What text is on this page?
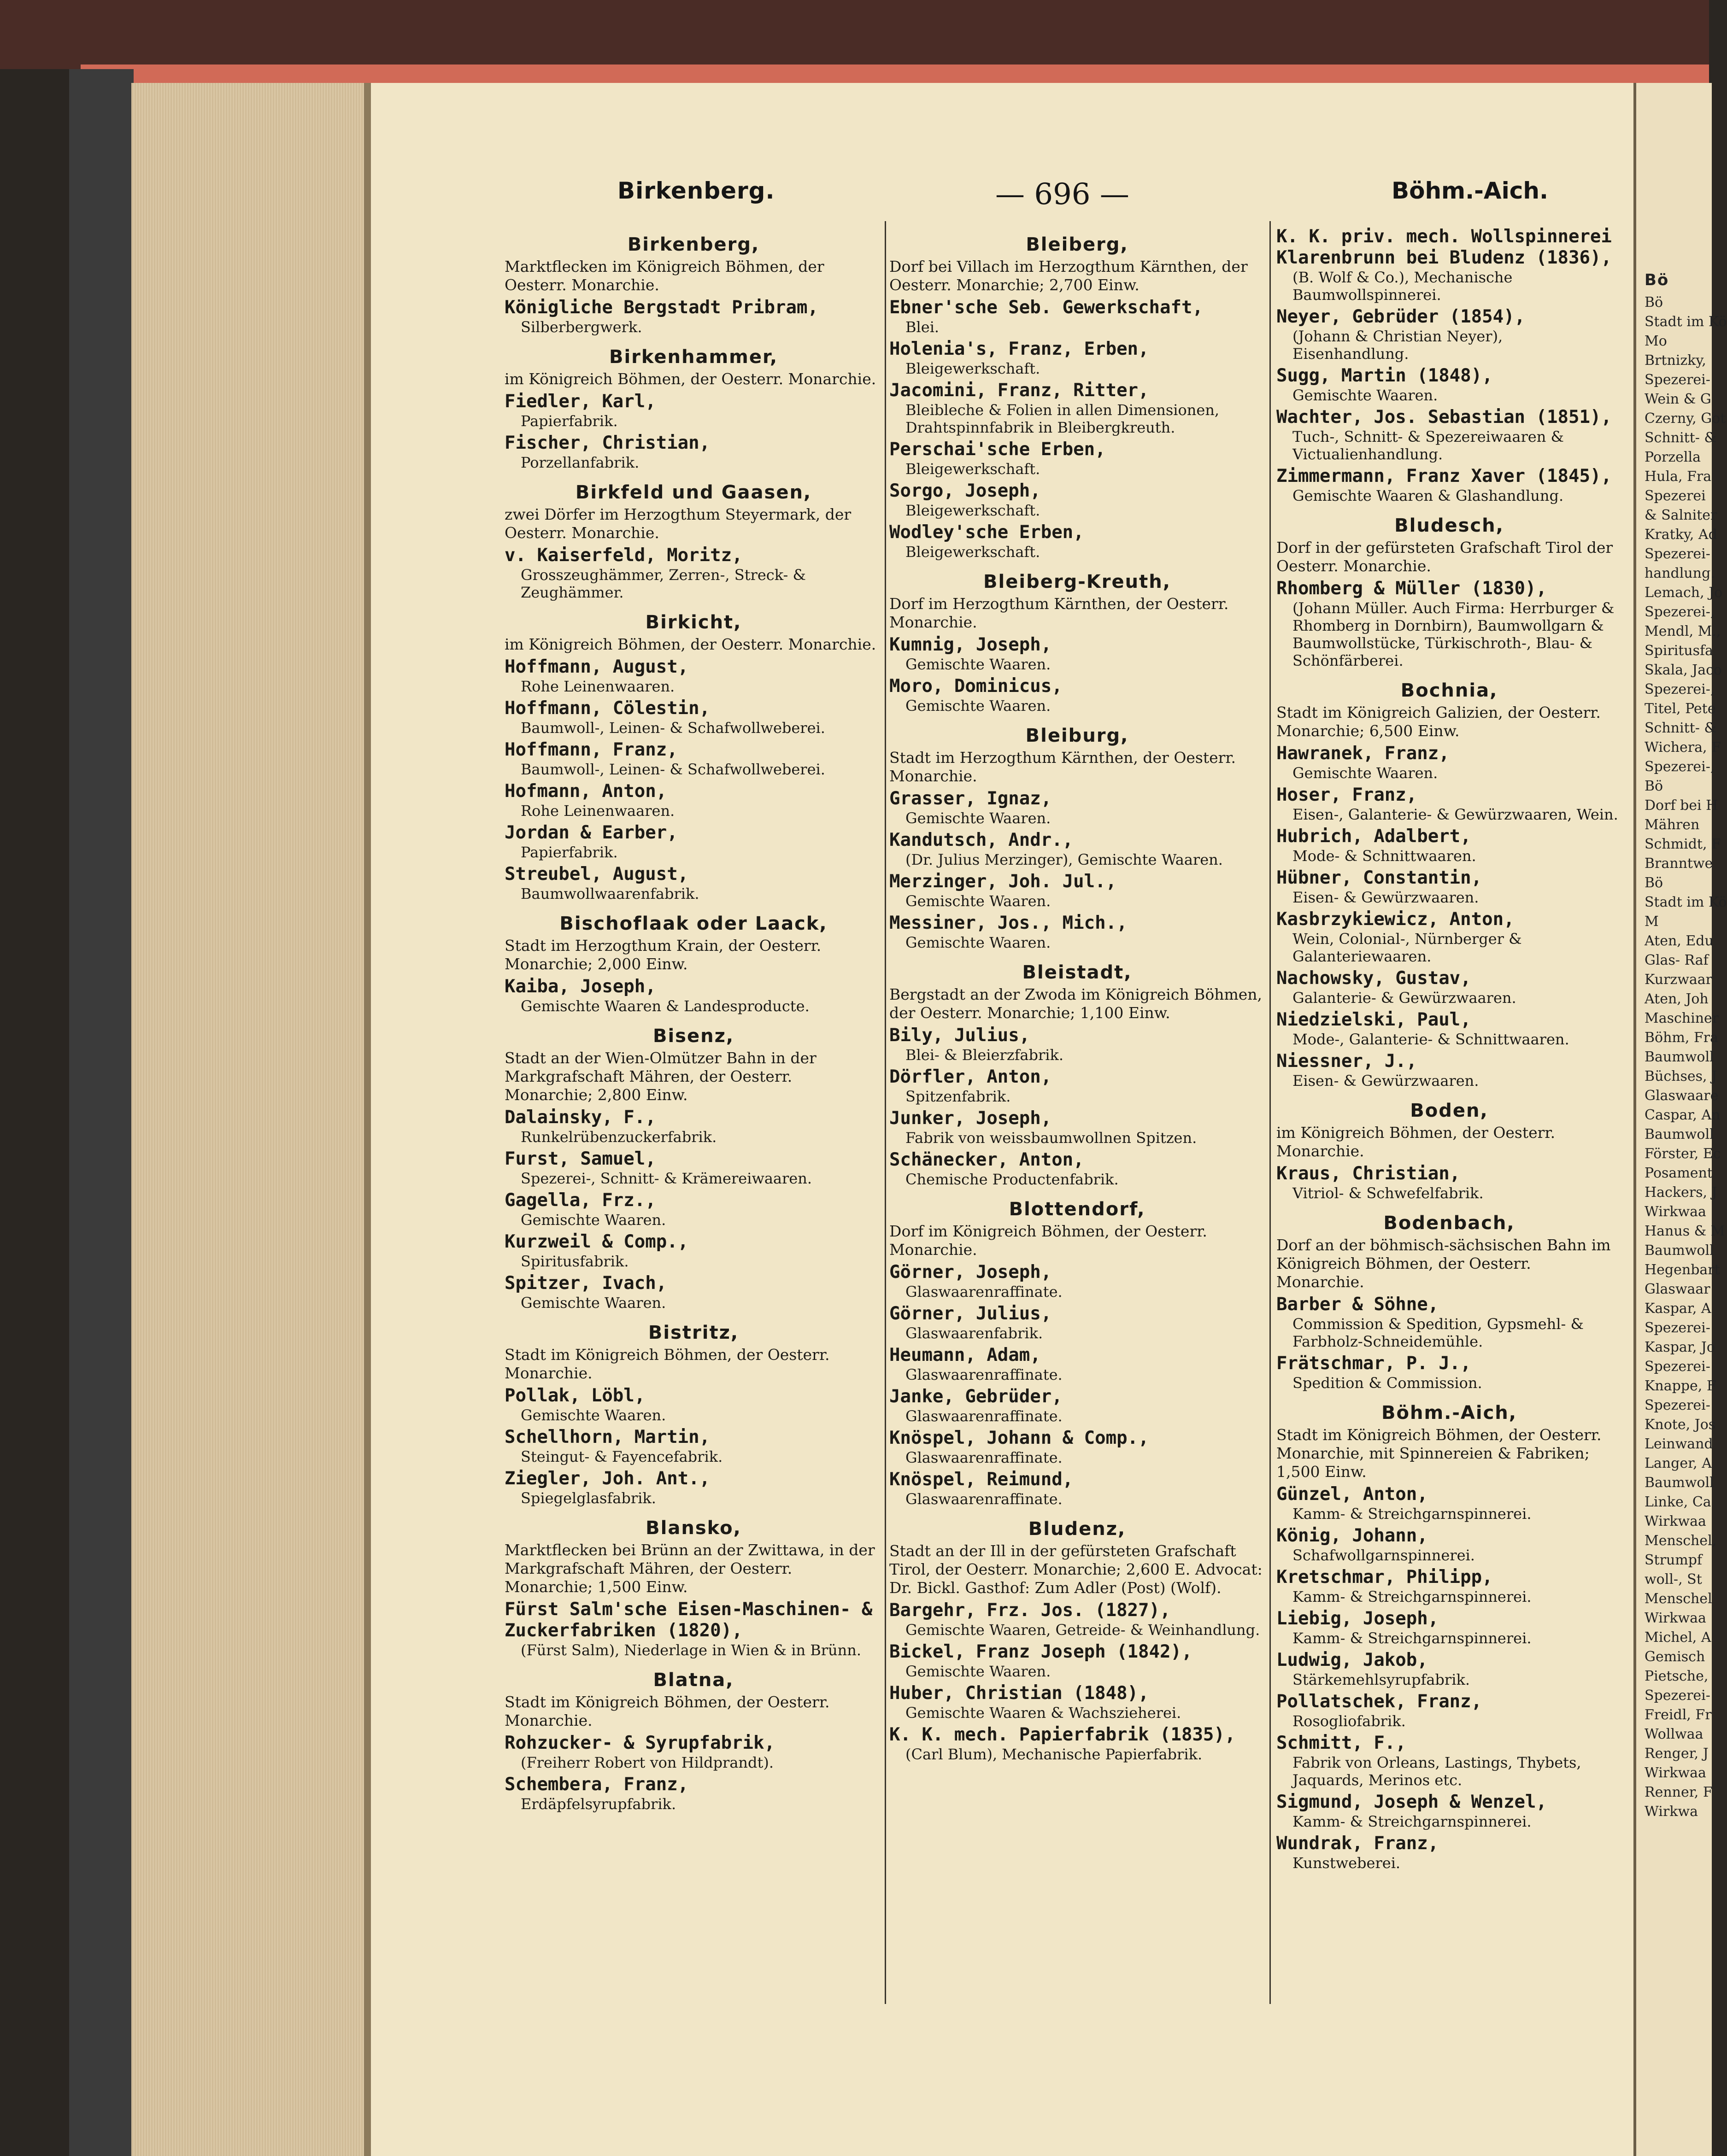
Birkenberg.	— 696 —	Böhm.-Aich.
Birkenberg,
Marktflecken im Königreich Böhmen, der Oesterr. Monarchie.
Königliche Bergstadt Pribram,
Silberbergwerk.
Birkenhammer,
im Königreich Böhmen, der Oesterr. Monarchie.
Fiedler, Karl,
Papierfabrik.
Fischer, Christian,
Porzellanfabrik.
Birkfeld und Gaasen,
zwei Dörfer im Herzogthum Steyermark, der Oesterr. Monarchie.
v. Kaiserfeld, Moritz,
Grosszeughämmer, Zerren-, Streck- & Zeughämmer.
Birkicht,
im Königreich Böhmen, der Oesterr. Monarchie.
Hoffmann, August,
Rohe Leinenwaaren.
Hoffmann, Cölestin,
Baumwoll-, Leinen- & Schafwollweberei.
Hoffmann, Franz,
Baumwoll-, Leinen- & Schafwollweberei.
Hofmann, Anton,
Rohe Leinenwaaren.
Jordan & Earber,
Papierfabrik.
Streubel, August,
Baumwollwaarenfabrik.
Bischoflaak oder Laack,
Stadt im Herzogthum Krain, der Oesterr. Monarchie; 2,000 Einw.
Kaiba, Joseph,
Gemischte Waaren & Landesproducte.
Bisenz,
Stadt an der Wien-Olmützer Bahn in der Markgrafschaft Mähren, der Oesterr. Monarchie; 2,800 Einw.
Dalainsky, F.,
Runkelrübenzuckerfabrik.
Furst, Samuel,
Spezerei-, Schnitt- & Krämereiwaaren.
Gagella, Frz.,
Gemischte Waaren.
Kurzweil & Comp.,
Spiritusfabrik.
Spitzer, Ivach,
Gemischte Waaren.
Bistritz,
Stadt im Königreich Böhmen, der Oesterr. Monarchie.
Pollak, Löbl,
Gemischte Waaren.
Schellhorn, Martin,
Steingut- & Fayencefabrik.
Ziegler, Joh. Ant.,
Spiegelglasfabrik.
Blansko,
Marktflecken bei Brünn an der Zwittawa, in der Markgrafschaft Mähren, der Oesterr. Monarchie; 1,500 Einw.
Fürst Salm'sche Eisen-Maschinen- & Zuckerfabriken (1820),
(Fürst Salm), Niederlage in Wien & in Brünn.
Blatna,
Stadt im Königreich Böhmen, der Oesterr. Monarchie.
Rohzucker- & Syrupfabrik,
(Freiherr Robert von Hildprandt).
Schembera, Franz,
Erdäpfelsyrupfabrik.
Bleiberg,
Dorf bei Villach im Herzogthum Kärnthen, der Oesterr. Monarchie; 2,700 Einw.
Ebner'sche Seb. Gewerkschaft,
Blei.
Holenia's, Franz, Erben,
Bleigewerkschaft.
Jacomini, Franz, Ritter,
Bleibleche & Folien in allen Dimensionen, Drahtspinnfabrik in Bleibergkreuth.
Perschai'sche Erben,
Bleigewerkschaft.
Sorgo, Joseph,
Bleigewerkschaft.
Wodley'sche Erben,
Bleigewerkschaft.
Bleiberg-Kreuth,
Dorf im Herzogthum Kärnthen, der Oesterr. Monarchie.
Kumnig, Joseph,
Gemischte Waaren.
Moro, Dominicus,
Gemischte Waaren.
Bleiburg,
Stadt im Herzogthum Kärnthen, der Oesterr. Monarchie.
Grasser, Ignaz,
Gemischte Waaren.
Kandutsch, Andr.,
(Dr. Julius Merzinger), Gemischte Waaren.
Merzinger, Joh. Jul.,
Gemischte Waaren.
Messiner, Jos., Mich.,
Gemischte Waaren.
Bleistadt,
Bergstadt an der Zwoda im Königreich Böhmen, der Oesterr. Monarchie; 1,100 Einw.
Bily, Julius,
Blei- & Bleierzfabrik.
Dörfler, Anton,
Spitzenfabrik.
Junker, Joseph,
Fabrik von weissbaumwollnen Spitzen.
Schänecker, Anton,
Chemische Productenfabrik.
Blottendorf,
Dorf im Königreich Böhmen, der Oesterr. Monarchie.
Görner, Joseph,
Glaswaarenraffinate.
Görner, Julius,
Glaswaarenfabrik.
Heumann, Adam,
Glaswaarenraffinate.
Janke, Gebrüder,
Glaswaarenraffinate.
Knöspel, Johann & Comp.,
Glaswaarenraffinate.
Knöspel, Reimund,
Glaswaarenraffinate.
Bludenz,
Stadt an der Ill in der gefürsteten Grafschaft Tirol, der Oesterr. Monarchie; 2,600 E. Advocat: Dr. Bickl. Gasthof: Zum Adler (Post) (Wolf).
Bargehr, Frz. Jos. (1827),
Gemischte Waaren, Getreide- & Weinhandlung.
Bickel, Franz Joseph (1842),
Gemischte Waaren.
Huber, Christian (1848),
Gemischte Waaren & Wachszieherei.
K. K. mech. Papierfabrik (1835),
(Carl Blum), Mechanische Papierfabrik.
K. K. priv. mech. Wollspinnerei Klarenbrunn bei Bludenz (1836),
(B. Wolf & Co.), Mechanische Baumwollspinnerei.
Neyer, Gebrüder (1854),
(Johann & Christian Neyer), Eisenhandlung.
Sugg, Martin (1848),
Gemischte Waaren.
Wachter, Jos. Sebastian (1851),
Tuch-, Schnitt- & Spezereiwaaren & Victualienhandlung.
Zimmermann, Franz Xaver (1845),
Gemischte Waaren & Glashandlung.
Bludesch,
Dorf in der gefürsteten Grafschaft Tirol der Oesterr. Monarchie.
Rhomberg & Müller (1830),
(Johann Müller. Auch Firma: Herrburger & Rhomberg in Dornbirn), Baumwollgarn & Baumwollstücke, Türkischroth-, Blau- & Schönfärberei.
Bochnia,
Stadt im Königreich Galizien, der Oesterr. Monarchie; 6,500 Einw.
Hawranek, Franz,
Gemischte Waaren.
Hoser, Franz,
Eisen-, Galanterie- & Gewürzwaaren, Wein.
Hubrich, Adalbert,
Mode- & Schnittwaaren.
Hübner, Constantin,
Eisen- & Gewürzwaaren.
Kasbrzykiewicz, Anton,
Wein, Colonial-, Nürnberger & Galanteriewaaren.
Nachowsky, Gustav,
Galanterie- & Gewürzwaaren.
Niedzielski, Paul,
Mode-, Galanterie- & Schnittwaaren.
Niessner, J.,
Eisen- & Gewürzwaaren.
Boden,
im Königreich Böhmen, der Oesterr. Monarchie.
Kraus, Christian,
Vitriol- & Schwefelfabrik.
Bodenbach,
Dorf an der böhmisch-sächsischen Bahn im Königreich Böhmen, der Oesterr. Monarchie.
Barber & Söhne,
Commission & Spedition, Gypsmehl- & Farbholz-Schneidemühle.
Frätschmar, P. J.,
Spedition & Commission.
Böhm.-Aich,
Stadt im Königreich Böhmen, der Oesterr. Monarchie, mit Spinnereien & Fabriken; 1,500 Einw.
Günzel, Anton,
Kamm- & Streichgarnspinnerei.
König, Johann,
Schafwollgarnspinnerei.
Kretschmar, Philipp,
Kamm- & Streichgarnspinnerei.
Liebig, Joseph,
Kamm- & Streichgarnspinnerei.
Ludwig, Jakob,
Stärkemehlsyrupfabrik.
Pollatschek, Franz,
Rosogliofabrik.
Schmitt, F.,
Fabrik von Orleans, Lastings, Thybets, Jaquards, Merinos etc.
Sigmund, Joseph & Wenzel,
Kamm- & Streichgarnspinnerei.
Wundrak, Franz,
Kunstweberei.
Bö
Bö
Stadt im Kö
Mo
Brtnizky,
Spezerei-
Wein & G
Czerny, Got
Schnitt- &
Porzella
Hula, Fra
Spezerei
& Salniter
Kratky, Ad
Spezerei-
handlung.
Lemach, Jo
Spezerei-,
Mendl, M.,
Spiritusfa
Skala, Jaco
Spezerei-,
Titel, Pete
Schnitt- &
Wichera, F
Spezerei-,
Bö
Dorf bei H
Mähren
Schmidt, F
Branntwe
Bö
Stadt im Kö
M
Aten, Edu
Glas- Raf
Kurzwaar
Aten, Joh
Maschiner
Böhm, Fra
Baumwoll
Büchses, J
Glaswaare
Caspar, An
Baumwoll
Förster, Ec
Posament
Hackers, J
Wirkwaa
Hanus & M
Baumwoll
Hegenbart
Glaswaar
Kaspar, A
Spezerei-
Kaspar, Jo
Spezerei-
Knappe, F
Spezerei-
Knote, Jos
Leinwand
Langer, A
Baumwoll
Linke, Ca
Wirkwaa
Menschel,
Strumpf
woll-, St
Menschel
Wirkwaa
Michel, A
Gemisch
Pietsche,
Spezerei-
Freidl, Fr
Wollwaa
Renger, J
Wirkwaa
Renner, F
Wirkwa
